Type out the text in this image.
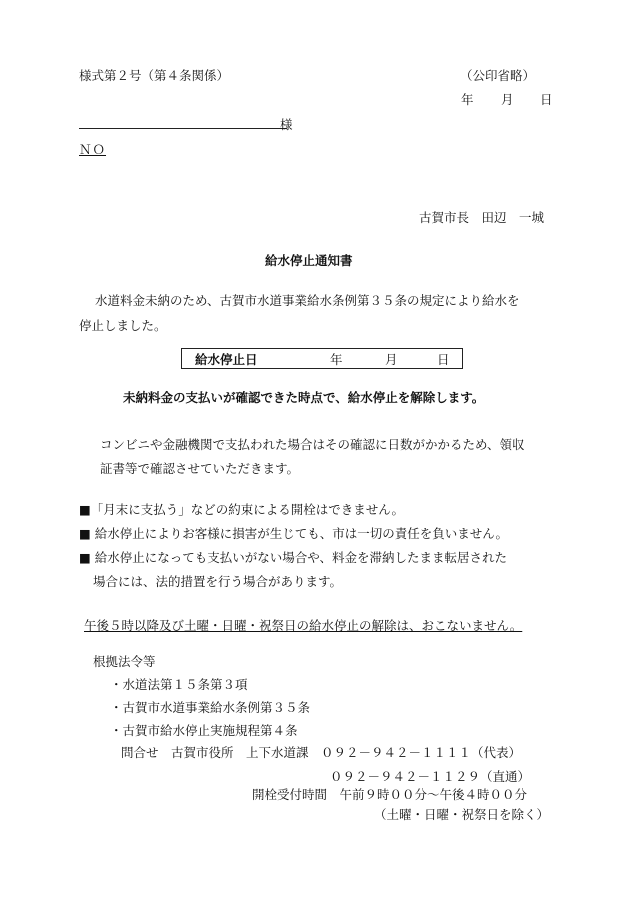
様式第２号（第４条関係）	（公印省略）
年 月 日
様
ＮＯ
古賀市長　田辺　一城
給水停止通知書
水道料金未納のため、古賀市水道事業給水条例第３５条の規定により給水を
停止しました。
給水停止日	年	月	日
未納料金の支払いが確認できた時点で、給水停止を解除します。
コンビニや金融機関で支払われた場合はその確認に日数がかかるため、領収
証書等で確認させていただきます。
■「月末に支払う」などの約束による開栓はできません。
■ 給水停止によりお客様に損害が生じても、市は一切の責任を負いません。
■ 給水停止になっても支払いがない場合や、料金を滞納したまま転居された
場合には、法的措置を行う場合があります。
午後５時以降及び土曜・日曜・祝祭日の給水停止の解除は、おこないません。
根拠法令等
・水道法第１５条第３項
・古賀市水道事業給水条例第３５条
・古賀市給水停止実施規程第４条
問合せ　古賀市役所　上下水道課　０９２－９４２－１１１１（代表）
０９２－９４２－１１２９（直通）
開栓受付時間　午前９時００分～午後４時００分
（土曜・日曜・祝祭日を除く）
